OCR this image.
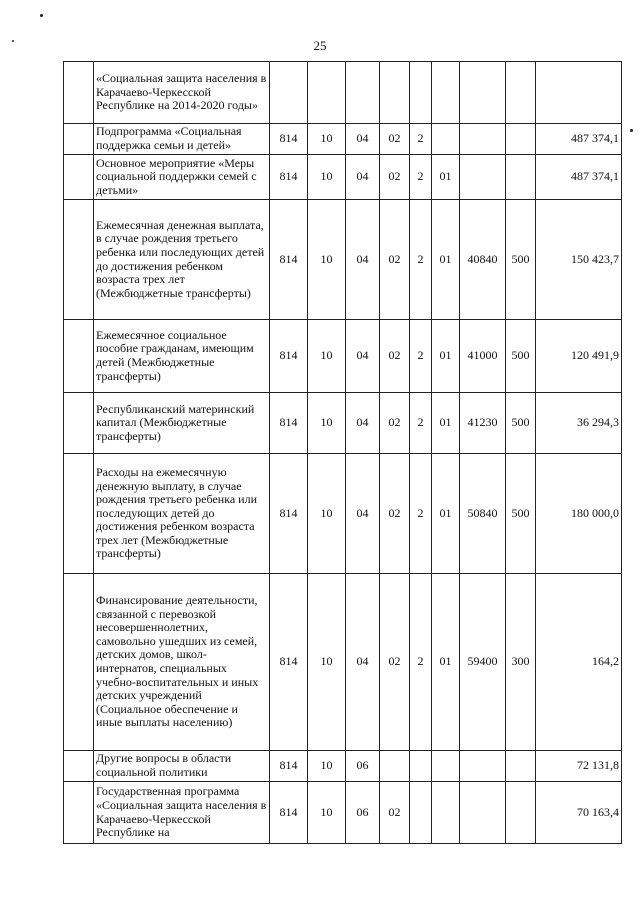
25
	«Социальная защита населения в Карачаево-Черкесской Республике на 2014-2020 годы»									
	Подпрограмма «Социальная поддержка семьи и детей»	814	10	04	02	2				487 374,1
	Основное мероприятие «Меры социальной поддержки семей с детьми»	814	10	04	02	2	01			487 374,1
	Ежемесячная денежная выплата, в случае рождения третьего ребенка или последующих детей до достижения ребенком возраста трех лет (Межбюджетные трансферты)	814	10	04	02	2	01	40840	500	150 423,7
	Ежемесячное социальное пособие гражданам, имеющим детей (Межбюджетные трансферты)	814	10	04	02	2	01	41000	500	120 491,9
	Республиканский материнский капитал (Межбюджетные трансферты)	814	10	04	02	2	01	41230	500	36 294,3
	Расходы на ежемесячную денежную выплату, в случае рождения третьего ребенка или последующих детей до достижения ребенком возраста трех лет (Межбюджетные трансферты)	814	10	04	02	2	01	50840	500	180 000,0
	Финансирование деятельности, связанной с перевозкой несовершеннолетних, самовольно ушедших из семей, детских домов, школ-интернатов, специальных учебно-воспитательных и иных детских учреждений (Социальное обеспечение и иные выплаты населению)	814	10	04	02	2	01	59400	300	164,2
	Другие вопросы в области социальной политики	814	10	06						72 131,8
	Государственная программа «Социальная защита населения в Карачаево-Черкесской Республике на	814	10	06	02					70 163,4
